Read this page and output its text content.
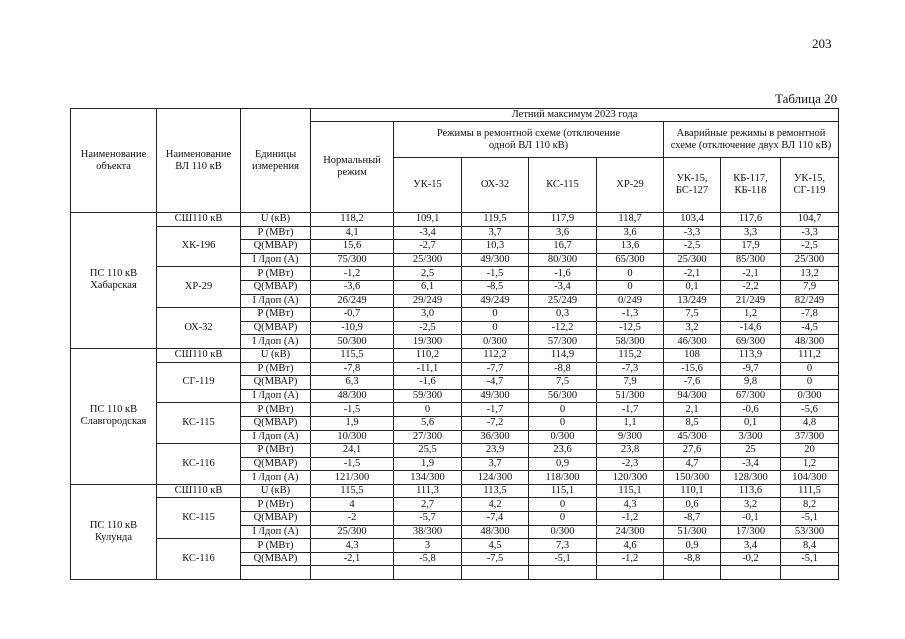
203
Таблица 20
Наименование объекта	Наименование ВЛ 110 кВ	Единицы измерения	Летний максимум 2023 года								
			Нормальный режим	Режимы в ремонтной схеме (отключение одной ВЛ 110 кВ)				Аварийные режимы в ремонтной схеме (отключение двух ВЛ 110 кВ)			
				УК-15	ОХ-32	КС-115	ХР-29	УК-15, БС-127	КБ-117, КБ-118	УК-15, СГ-119	
ПС 110 кВ Хабарская	СШ110 кВ	U (кВ)	118,2	109,1	119,5	117,9	118,7	103,4	117,6	104,7	
	ХК-196	P (МВт)	4,1	-3,4	3,7	3,6	3,6	-3,3	3,3	-3,3	
		Q(МВАР)	15,6	-2,7	10,3	16,7	13,6	-2,5	17,9	-2,5	
		I /Iдоп (А)	75/300	25/300	49/300	80/300	65/300	25/300	85/300	25/300	
	ХР-29	P (МВт)	-1,2	2,5	-1,5	-1,6	0	-2,1	-2,1	13,2	
		Q(МВАР)	-3,6	6,1	-8,5	-3,4	0	0,1	-2,2	7,9	
		I /Iдоп (А)	26/249	29/249	49/249	25/249	0/249	13/249	21/249	82/249	
	ОХ-32	P (МВт)	-0,7	3,0	0	0,3	-1,3	7,5	1,2	-7,8	
		Q(МВАР)	-10,9	-2,5	0	-12,2	-12,5	3,2	-14,6	-4,5	
		I /Iдоп (А)	50/300	19/300	0/300	57/300	58/300	46/300	69/300	48/300	
ПС 110 кВ Славгородская	СШ110 кВ	U (кВ)	115,5	110,2	112,2	114,9	115,2	108	113,9	111,2	
	СГ-119	P (МВт)	-7,8	-11,1	-7,7	-8,8	-7,3	-15,6	-9,7	0	
		Q(МВАР)	6,3	-1,6	-4,7	7,5	7,9	-7,6	9,8	0	
		I /Iдоп (А)	48/300	59/300	49/300	56/300	51/300	94/300	67/300	0/300	
	КС-115	P (МВт)	-1,5	0	-1,7	0	-1,7	2,1	-0,6	-5,6	
		Q(МВАР)	1,9	5,6	-7,2	0	1,1	8,5	0,1	4,8	
		I /Iдоп (А)	10/300	27/300	36/300	0/300	9/300	45/300	3/300	37/300	
	КС-116	P (МВт)	24,1	25,5	23,9	23,6	23,8	27,6	25	20	
		Q(МВАР)	-1,5	1,9	3,7	0,9	-2,3	4,7	-3,4	1,2	
		I /Iдоп (А)	121/300	134/300	124/300	118/300	120/300	150/300	128/300	104/300	
ПС 110 кВ Кулунда	СШ110 кВ	U (кВ)	115,5	111,3	113,5	115,1	115,1	110,1	113,6	111,5	
	КС-115	P (МВт)	4	2,7	4,2	0	4,3	0,6	3,2	8,2	
		Q(МВАР)	-2	-5,7	-7,4	0	-1,2	-8,7	-0,1	-5,1	
		I /Iдоп (А)	25/300	38/300	48/300	0/300	24/300	51/300	17/300	53/300	
	КС-116	P (МВт)	4,3	3	4,5	7,3	4,6	0,9	3,4	8,4	
		Q(МВАР)	-2,1	-5,8	-7,5	-5,1	-1,2	-8,8	-0,2	-5,1	
